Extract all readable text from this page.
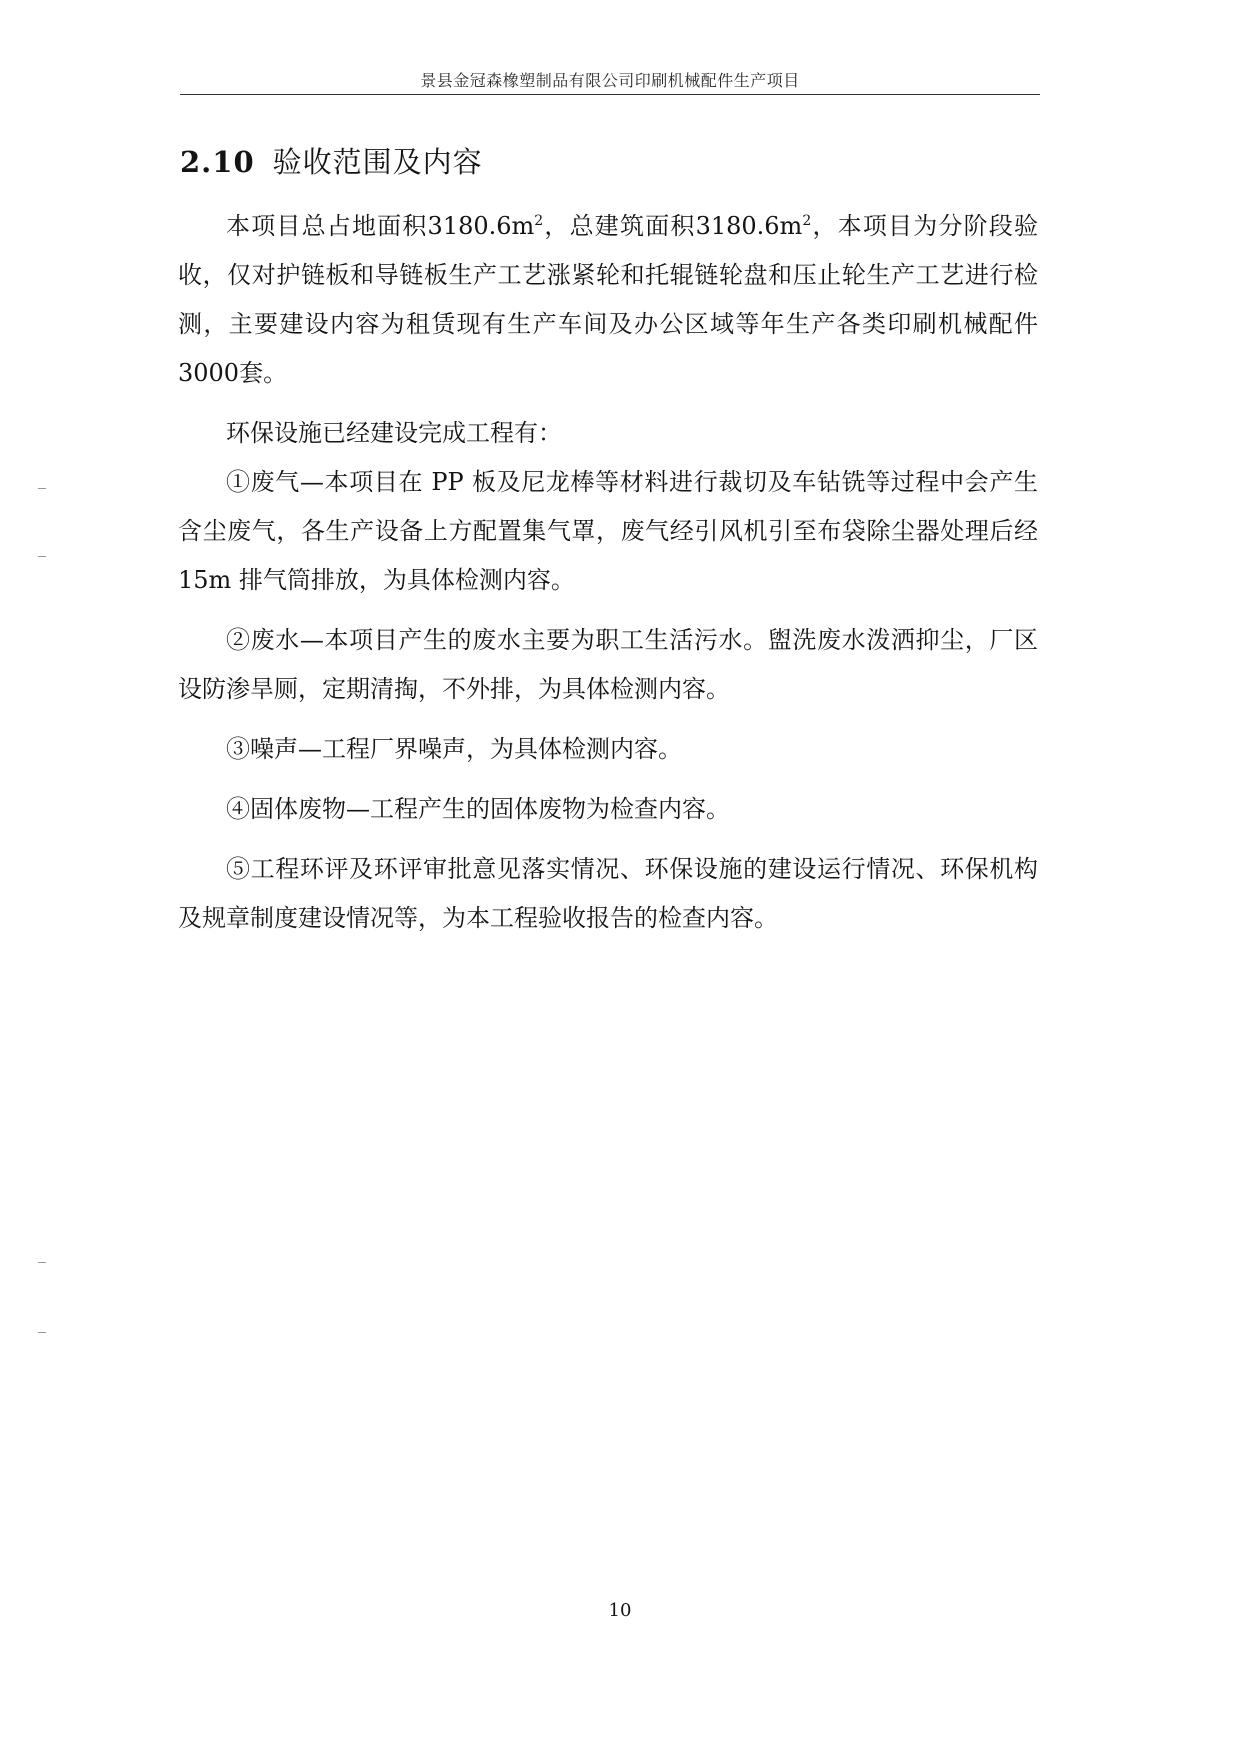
景县金冠森橡塑制品有限公司印刷机械配件生产项目
2.10 验收范围及内容

本项目总占地面积$3180.6m^2$，总建筑面积$3180.6m^2$，本项目为分阶段验收，仅对护链板和导链板生产工艺涨紧轮和托辊链轮盘和压止轮生产工艺进行检测，主要建设内容为租赁现有生产车间及办公区域等年生产各类印刷机械配件3000套。

环保设施已经建设完成工程有：

①废气—本项目在 PP 板及尼龙棒等材料进行裁切及车钻铣等过程中会产生含尘废气，各生产设备上方配置集气罩，废气经引风机引至布袋除尘器处理后经 15m 排气筒排放，为具体检测内容。

②废水—本项目产生的废水主要为职工生活污水。盥洗废水泼洒抑尘，厂区设防渗旱厕，定期清掏，不外排，为具体检测内容。

③噪声—工程厂界噪声，为具体检测内容。

④固体废物—工程产生的固体废物为检查内容。

⑤工程环评及环评审批意见落实情况、环保设施的建设运行情况、环保机构及规章制度建设情况等，为本工程验收报告的检查内容。

10
